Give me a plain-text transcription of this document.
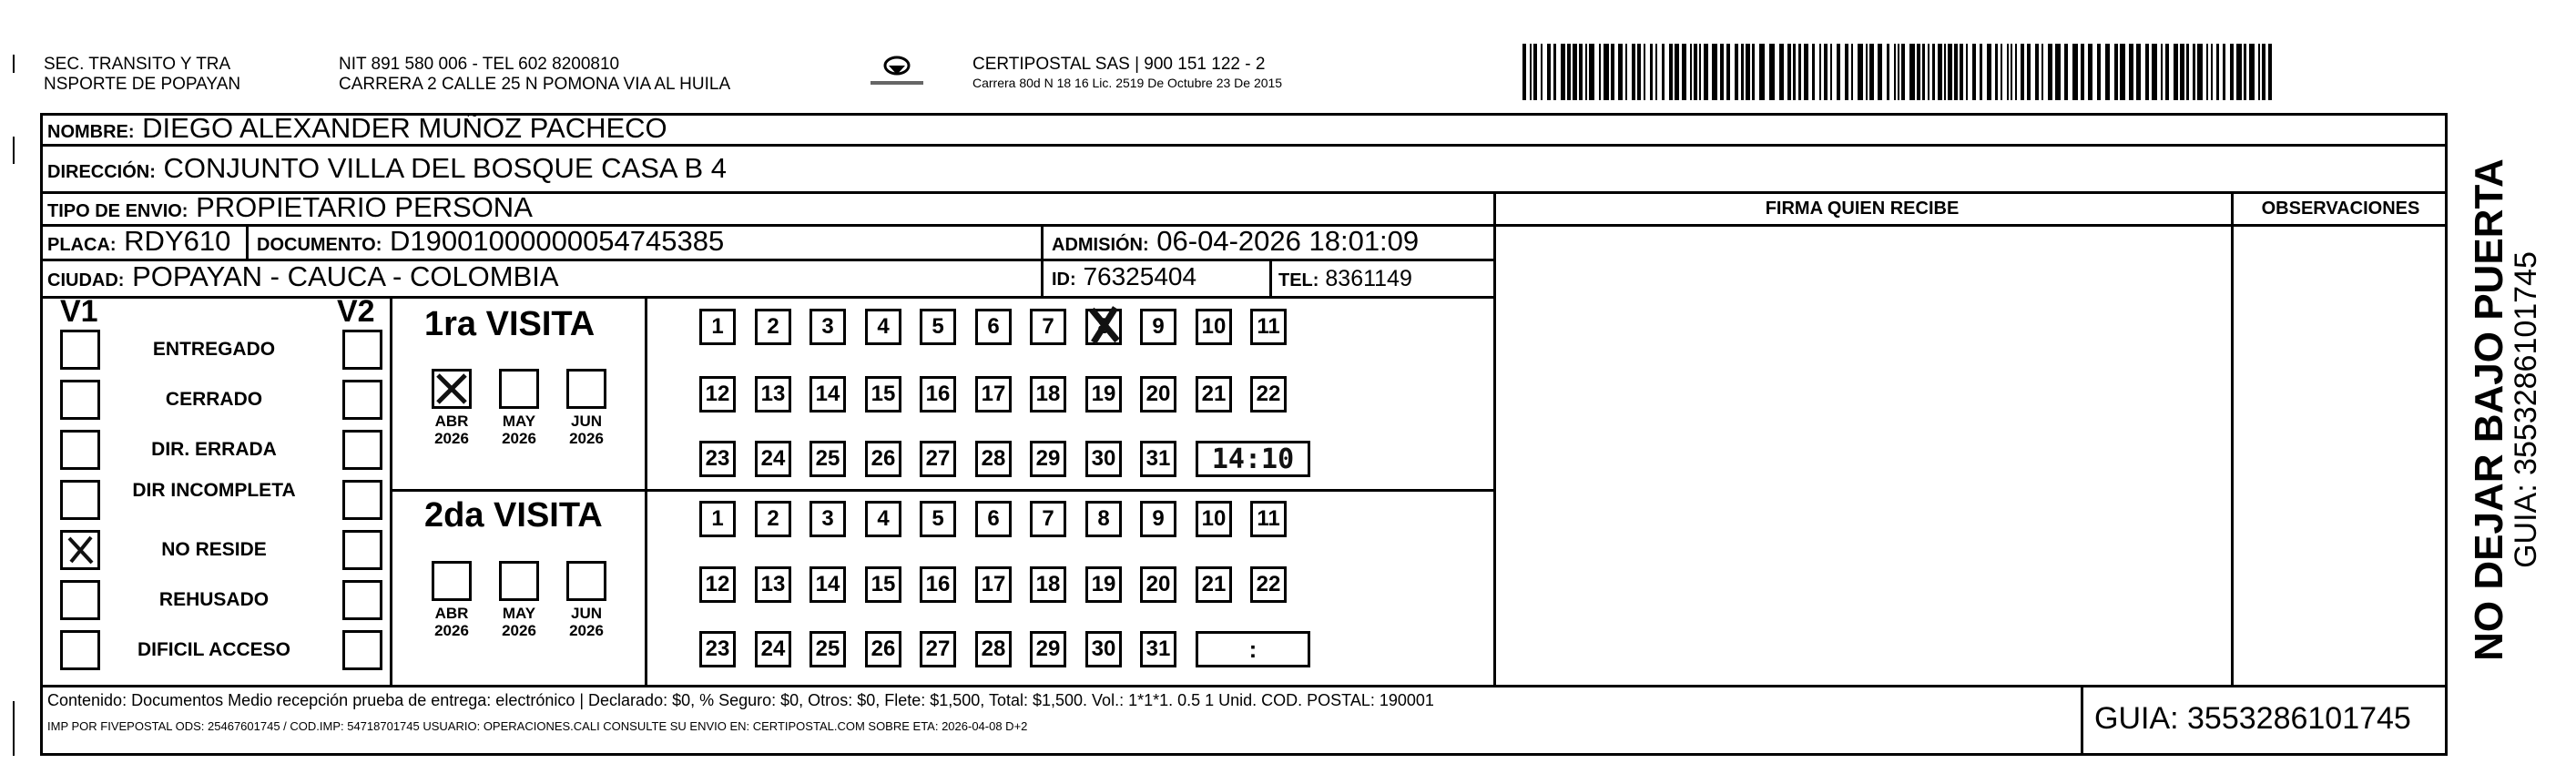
SEC. TRANSITO Y TRA
NSPORTE DE POPAYAN
NIT 891 580 006 - TEL 602 8200810
CARRERA 2 CALLE 25 N POMONA VIA AL HUILA
CERTIPOSTAL SAS | 900 151 122 - 2
Carrera 80d N 18 16 Lic. 2519 De Octubre 23 De 2015
NOMBRE: DIEGO ALEXANDER MUÑOZ PACHECO
DIRECCIÓN: CONJUNTO VILLA DEL BOSQUE CASA B 4
TIPO DE ENVIO: PROPIETARIO PERSONA
PLACA: RDY610 DOCUMENTO: D19001000000054745385	ADMISIÓN: 06-04-2026 18:01:09
CIUDAD: POPAYAN - CAUCA - COLOMBIA	ID: 76325404	TEL: 8361149
FIRMA QUIEN RECIBE	OBSERVACIONES
V1	V2
ENTREGADO
CERRADO
DIR. ERRADA
DIR INCOMPLETA
NO RESIDE
REHUSADO
DIFICIL ACCESO
1ra VISITA
2da VISITA
ABR
2026
MAY
2026
JUN
2026
ABR
2026
MAY
2026
JUN
2026
1	2	3	4	5	6	7	8	9	10	11
12 13 14 15 16 17 18 19 20 21 22
23 24 25 26 27 28 29 30 31 14:10
1	2	3	4	5	6	7	8	9	10	11
12 13 14 15 16 17 18 19 20 21 22
23 24 25 26 27 28 29 30 31	:
Contenido: Documentos Medio recepción prueba de entrega: electrónico | Declarado: $0, % Seguro: $0, Otros: $0, Flete: $1,500, Total: $1,500. Vol.: 1*1*1. 0.5 1 Unid. COD. POSTAL: 190001
IMP POR FIVEPOSTAL ODS: 25467601745 / COD.IMP: 54718701745 USUARIO: OPERACIONES.CALI CONSULTE SU ENVIO EN: CERTIPOSTAL.COM SOBRE ETA: 2026-04-08 D+2	GUIA: 3553286101745
NO DEJAR BAJO PUERTA
GUIA: 3553286101745
